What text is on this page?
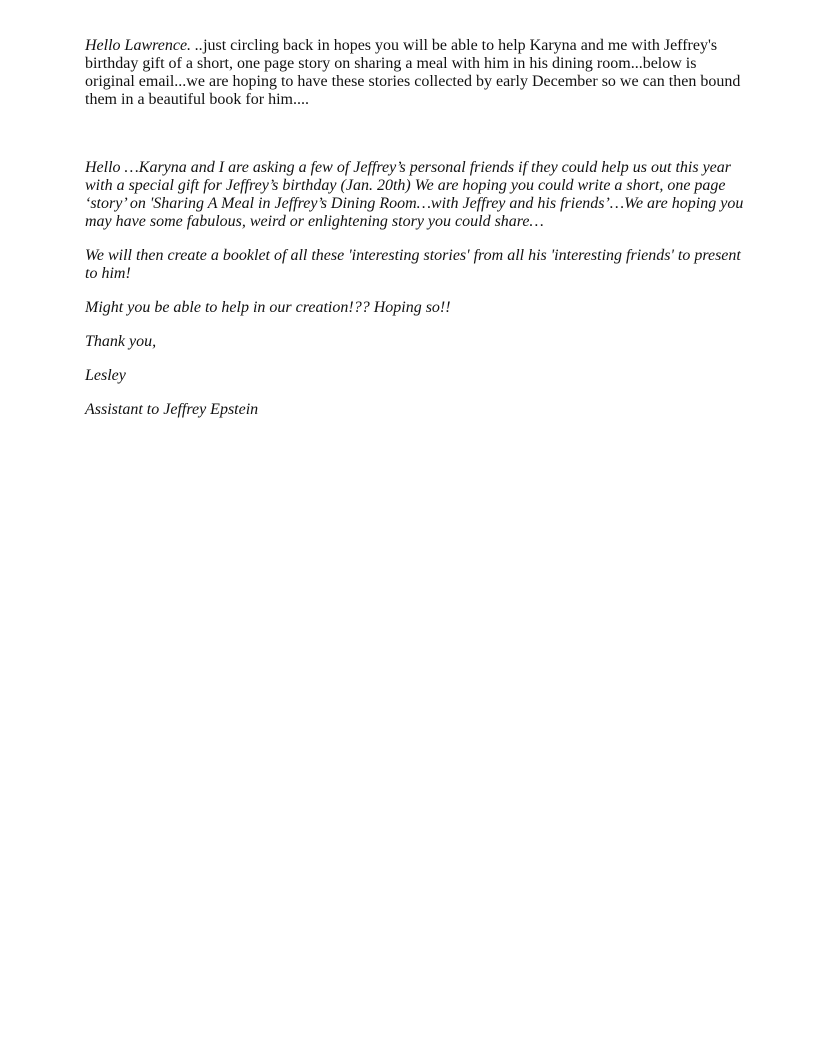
Hello Lawrence. ..just circling back in hopes you will be able to help Karyna and me with Jeffrey's birthday gift of a short, one page story on sharing a meal with him in his dining room...below is original email...we are hoping to have these stories collected by early December so we can then bound them in a beautiful book for him....

Hello …Karyna and I are asking a few of Jeffrey’s personal friends if they could help us out this year with a special gift for Jeffrey’s birthday (Jan. 20th) We are hoping you could write a short, one page ‘story’ on 'Sharing A Meal in Jeffrey’s Dining Room…with Jeffrey and his friends’…We are hoping you may have some fabulous, weird or enlightening story you could share…

We will then create a booklet of all these 'interesting stories' from all his 'interesting friends' to present to him!

Might you be able to help in our creation!?? Hoping so!!

Thank you,

Lesley

Assistant to Jeffrey Epstein
